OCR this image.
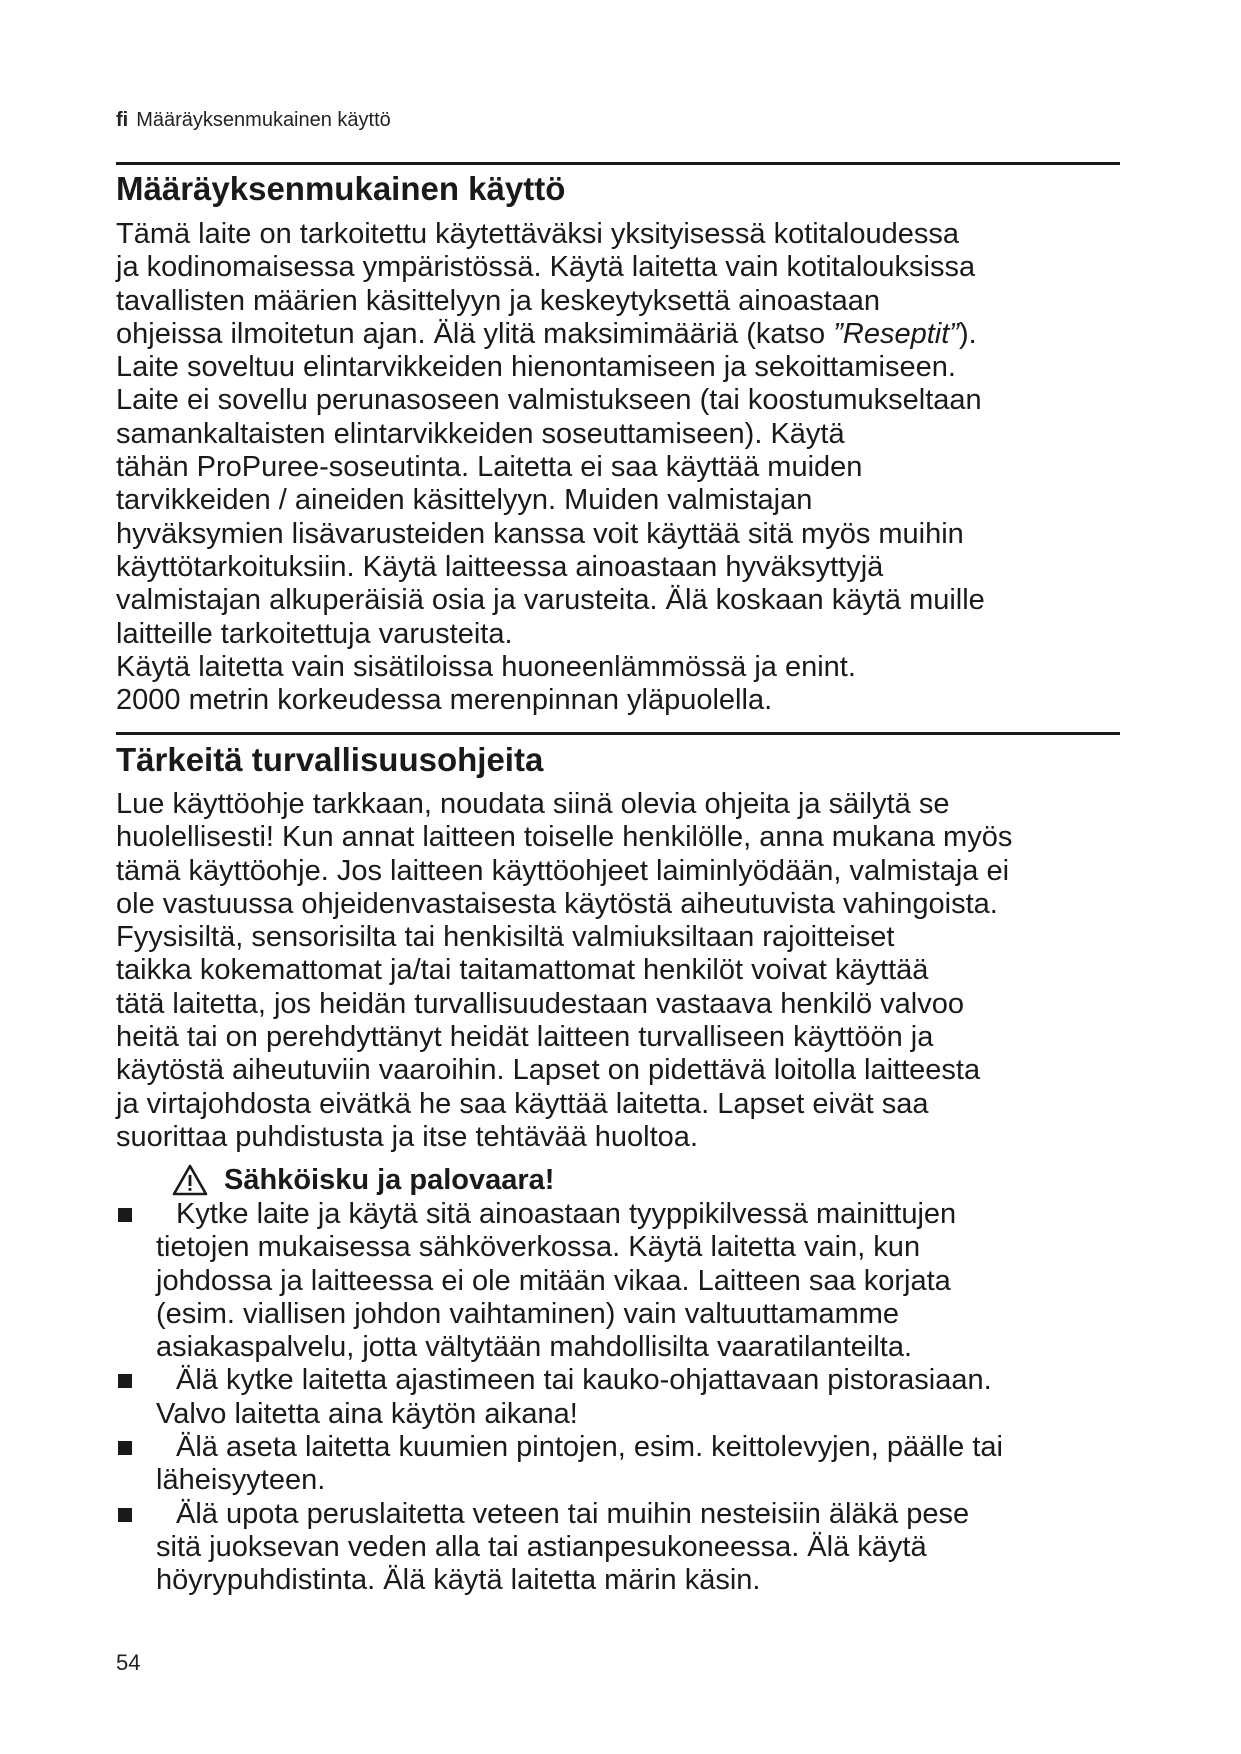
fi Määräyksenmukainen käyttö
Määräyksenmukainen käyttö
Tämä laite on tarkoitettu käytettäväksi yksityisessä kotitaloudessa
ja kodinomaisessa ympäristössä. Käytä laitetta vain kotitalouksissa
tavallisten määrien käsittelyyn ja keskeytyksettä ainoastaan
ohjeissa ilmoitetun ajan. Älä ylitä maksimimääriä (katso ”Reseptit”).
Laite soveltuu elintarvikkeiden hienontamiseen ja sekoittamiseen.
Laite ei sovellu perunasoseen valmistukseen (tai koostumukseltaan
samankaltaisten elintarvikkeiden soseuttamiseen). Käytä
tähän ProPuree-soseutinta. Laitetta ei saa käyttää muiden
tarvikkeiden / aineiden käsittelyyn. Muiden valmistajan
hyväksymien lisävarusteiden kanssa voit käyttää sitä myös muihin
käyttötarkoituksiin. Käytä laitteessa ainoastaan hyväksyttyjä
valmistajan alkuperäisiä osia ja varusteita. Älä koskaan käytä muille
laitteille tarkoitettuja varusteita.
Käytä laitetta vain sisätiloissa huoneenlämmössä ja enint.
2000 metrin korkeudessa merenpinnan yläpuolella.
Tärkeitä turvallisuusohjeita
Lue käyttöohje tarkkaan, noudata siinä olevia ohjeita ja säilytä se
huolellisesti! Kun annat laitteen toiselle henkilölle, anna mukana myös
tämä käyttöohje. Jos laitteen käyttöohjeet laiminlyödään, valmistaja ei
ole vastuussa ohjeidenvastaisesta käytöstä aiheutuvista vahingoista.
Fyysisiltä, sensorisilta tai henkisiltä valmiuksiltaan rajoitteiset
taikka kokemattomat ja/tai taitamattomat henkilöt voivat käyttää
tätä laitetta, jos heidän turvallisuudestaan vastaava henkilö valvoo
heitä tai on perehdyttänyt heidät laitteen turvalliseen käyttöön ja
käytöstä aiheutuviin vaaroihin. Lapset on pidettävä loitolla laitteesta
ja virtajohdosta eivätkä he saa käyttää laitetta. Lapset eivät saa
suorittaa puhdistusta ja itse tehtävää huoltoa.
Sähköisku ja palovaara!
Kytke laite ja käytä sitä ainoastaan tyyppikilvessä mainittujen
tietojen mukaisessa sähköverkossa. Käytä laitetta vain, kun
johdossa ja laitteessa ei ole mitään vikaa. Laitteen saa korjata
(esim. viallisen johdon vaihtaminen) vain valtuuttamamme
asiakaspalvelu, jotta vältytään mahdollisilta vaaratilanteilta.
Älä kytke laitetta ajastimeen tai kauko-ohjattavaan pistorasiaan.
Valvo laitetta aina käytön aikana!
Älä aseta laitetta kuumien pintojen, esim. keittolevyjen, päälle tai
läheisyyteen.
Älä upota peruslaitetta veteen tai muihin nesteisiin äläkä pese
sitä juoksevan veden alla tai astianpesukoneessa. Älä käytä
höyrypuhdistinta. Älä käytä laitetta märin käsin.
54
